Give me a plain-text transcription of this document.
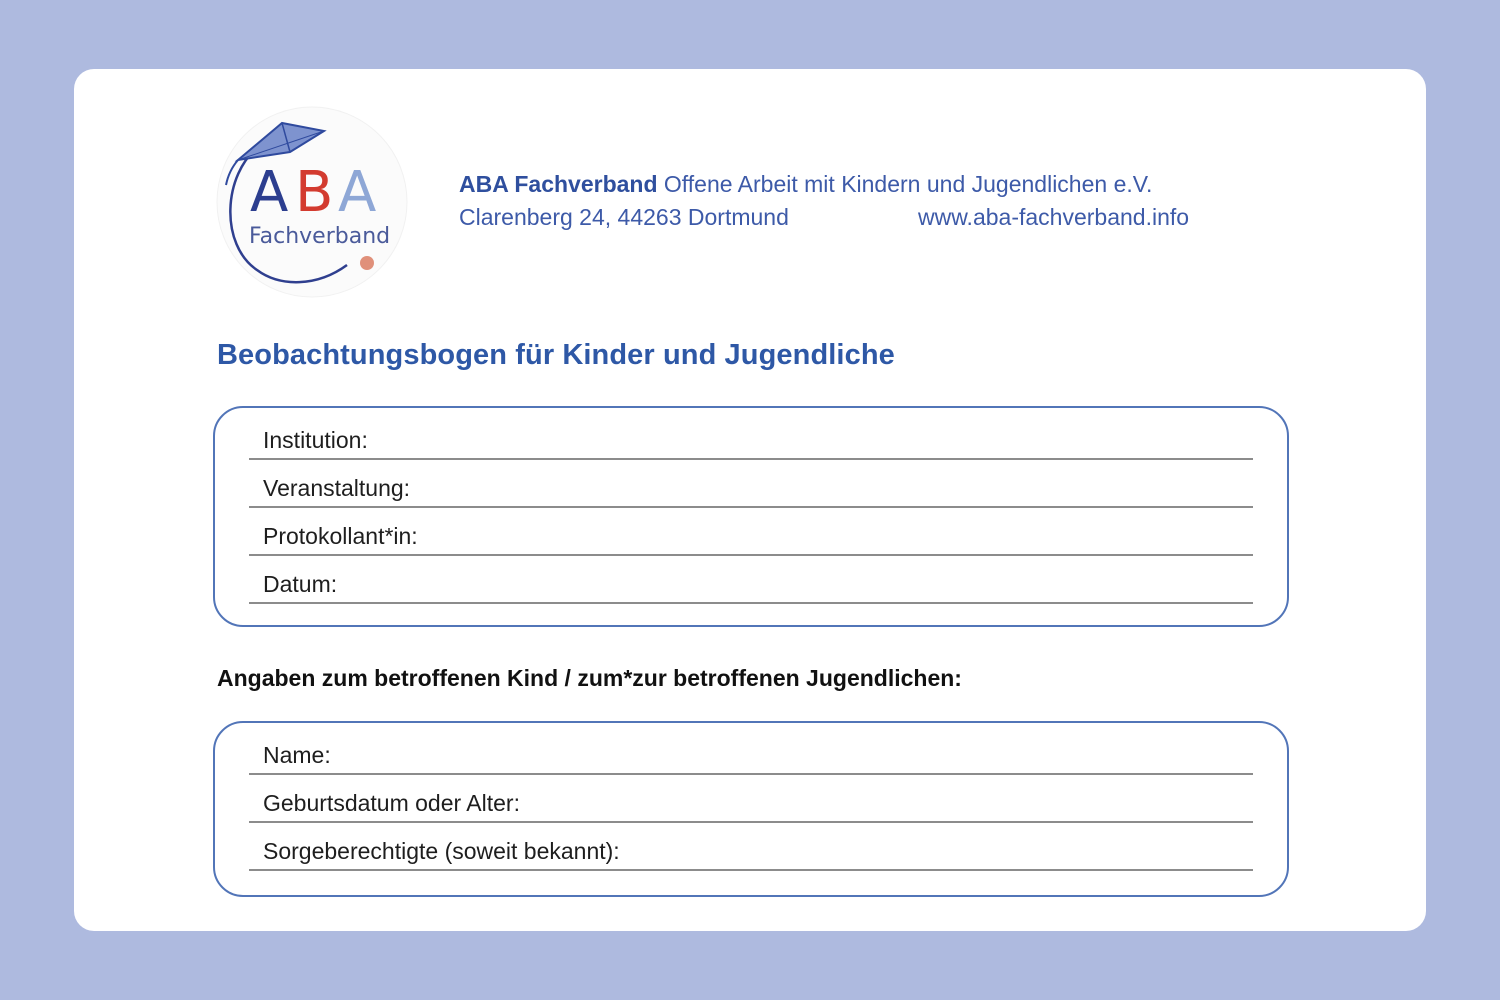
A B A
Fachverband
ABA Fachverband Offene Arbeit mit Kindern und Jugendlichen e.V.
Clarenberg 24, 44263 Dortmund	www.aba-fachverband.info
Beobachtungsbogen für Kinder und Jugendliche
Institution:
Veranstaltung:
Protokollant*in:
Datum:
Angaben zum betroffenen Kind / zum*zur betroffenen Jugendlichen:
Name:
Geburtsdatum oder Alter:
Sorgeberechtigte (soweit bekannt):
